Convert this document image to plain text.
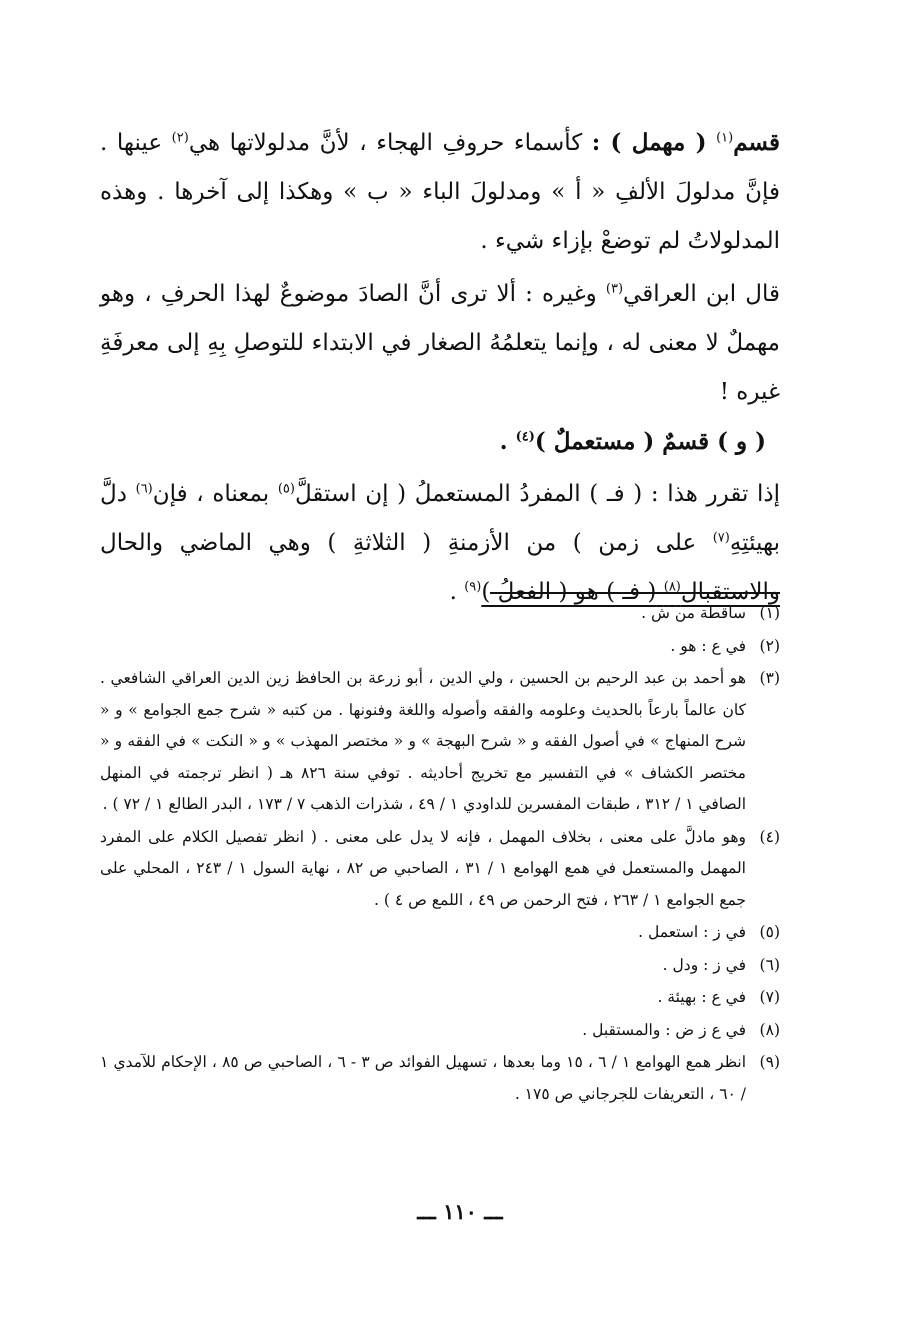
قسم$^{(١)}$ ( مهمل ) : كأسماء حروفِ الهجاء ، لأنَّ مدلولاتها هي$^{(٢)}$ عينها . فإنَّ مدلولَ الألفِ « أ » ومدلولَ الباء « ب » وهكذا إلى آخرها . وهذه المدلولاتُ لم توضعْ بإزاء شيء .

قال ابن العراقي$^{(٣)}$ وغيره : ألا ترى أنَّ الصادَ موضوعٌ لهذا الحرفِ ، وهو مهملٌ لا معنى له ، وإنما يتعلمُهُ الصغار في الابتداء للتوصلِ بِهِ إلى معرفَةِ غيره !

( و ) قسمٌ ( مستعملٌ )$^{(٤)}$ .

إذا تقرر هذا : ( فـ ) المفردُ المستعملُ ( إن استقلَّ$^{(٥)}$ بمعناه ، فإن$^{(٦)}$ دلَّ بهيئتِهِ$^{(٧)}$ على زمن ) من الأزمنةِ ( الثلاثةِ ) وهي الماضي والحال والاستقبال$^{(٨)}$ ( فـ ) هو ( الفعلُ )$^{(٩)}$ .

(١)
ساقطة من ش .
(٢)
في ع : هو .
(٣)
هو أحمد بن عبد الرحيم بن الحسين ، ولي الدين ، أبو زرعة بن الحافظ زين الدين العراقي الشافعي . كان عالماً بارعاً بالحديث وعلومه والفقه وأصوله واللغة وفنونها . من كتبه « شرح جمع الجوامع » و « شرح المنهاج » في أصول الفقه و « شرح البهجة » و « مختصر المهذب » و « النكت » في الفقه و « مختصر الكشاف » في التفسير مع تخريج أحاديثه . توفي سنة ٨٢٦ هـ ( انظر ترجمته في المنهل الصافي ١ / ٣١٢ ، طبقات المفسرين للداودي ١ / ٤٩ ، شذرات الذهب ٧ / ١٧٣ ، البدر الطالع ١ / ٧٢ ) .
(٤)
وهو مادلَّ على معنى ، بخلاف المهمل ، فإنه لا يدل على معنى . ( انظر تفصيل الكلام على المفرد المهمل والمستعمل في همع الهوامع ١ / ٣١ ، الصاحبي ص ٨٢ ، نهاية السول ١ / ٢٤٣ ، المحلي على جمع الجوامع ١ / ٢٦٣ ، فتح الرحمن ص ٤٩ ، اللمع ص ٤ ) .
(٥)
في ز : استعمل .
(٦)
في ز : ودل .
(٧)
في ع : بهيئة .
(٨)
في ع ز ض : والمستقبل .
(٩)
انظر همع الهوامع ١ / ٦ ، ١٥ وما بعدها ، تسهيل الفوائد ص ٣ - ٦ ، الصاحبي ص ٨٥ ، الإحكام للآمدي ١ / ٦٠ ، التعريفات للجرجاني ص ١٧٥ .
ـــ ١١٠ ـــ
